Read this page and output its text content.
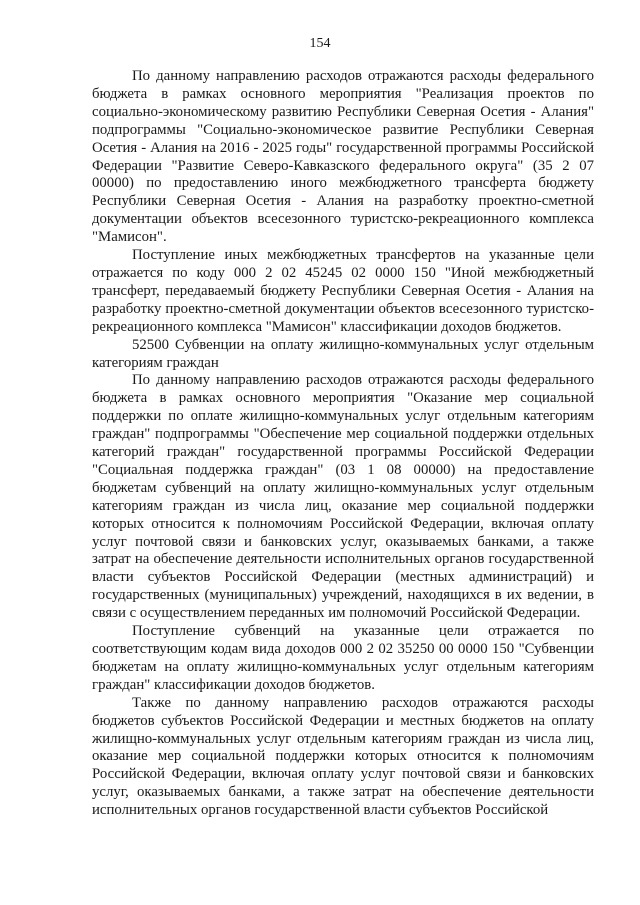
154

По данному направлению расходов отражаются расходы федерального бюджета в рамках основного мероприятия "Реализация проектов по социально-экономическому развитию Республики Северная Осетия - Алания" подпрограммы "Социально-экономическое развитие Республики Северная Осетия - Алания на 2016 - 2025 годы" государственной программы Российской Федерации "Развитие Северо-Кавказского федерального округа" (35 2 07 00000) по предоставлению иного межбюджетного трансферта бюджету Республики Северная Осетия - Алания на разработку проектно-сметной документации объектов всесезонного туристско-рекреационного комплекса "Мамисон".

Поступление иных межбюджетных трансфертов на указанные цели отражается по коду 000 2 02 45245 02 0000 150 "Иной межбюджетный трансферт, передаваемый бюджету Республики Северная Осетия - Алания на разработку проектно-сметной документации объектов всесезонного туристско-рекреационного комплекса "Мамисон" классификации доходов бюджетов.

52500 Субвенции на оплату жилищно-коммунальных услуг отдельным категориям граждан

По данному направлению расходов отражаются расходы федерального бюджета в рамках основного мероприятия "Оказание мер социальной поддержки по оплате жилищно-коммунальных услуг отдельным категориям граждан" подпрограммы "Обеспечение мер социальной поддержки отдельных категорий граждан" государственной программы Российской Федерации "Социальная поддержка граждан" (03 1 08 00000) на предоставление бюджетам субвенций на оплату жилищно-коммунальных услуг отдельным категориям граждан из числа лиц, оказание мер социальной поддержки которых относится к полномочиям Российской Федерации, включая оплату услуг почтовой связи и банковских услуг, оказываемых банками, а также затрат на обеспечение деятельности исполнительных органов государственной власти субъектов Российской Федерации (местных администраций) и государственных (муниципальных) учреждений, находящихся в их ведении, в связи с осуществлением переданных им полномочий Российской Федерации.

Поступление субвенций на указанные цели отражается по соответствующим кодам вида доходов 000 2 02 35250 00 0000 150 "Субвенции бюджетам на оплату жилищно-коммунальных услуг отдельным категориям граждан" классификации доходов бюджетов.

Также по данному направлению расходов отражаются расходы бюджетов субъектов Российской Федерации и местных бюджетов на оплату жилищно-коммунальных услуг отдельным категориям граждан из числа лиц, оказание мер социальной поддержки которых относится к полномочиям Российской Федерации, включая оплату услуг почтовой связи и банковских услуг, оказываемых банками, а также затрат на обеспечение деятельности исполнительных органов государственной власти субъектов Российской
